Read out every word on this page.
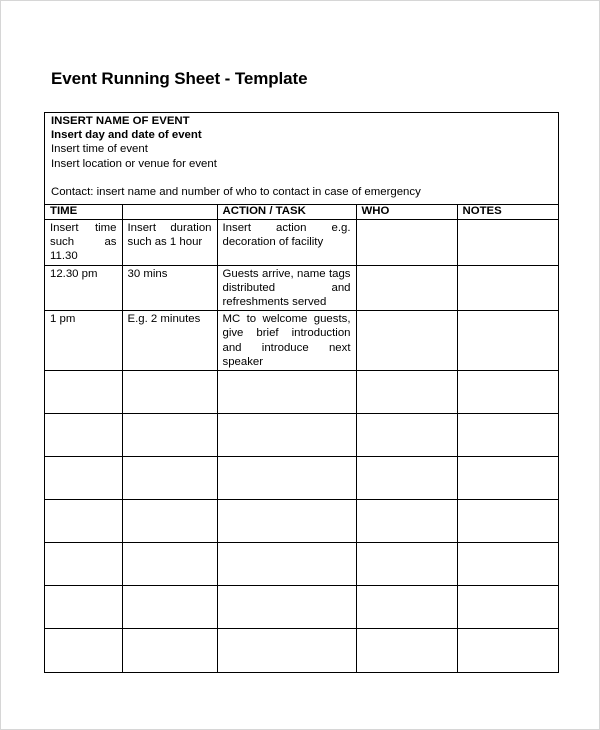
Event Running Sheet - Template
INSERT NAME OF EVENT
Insert day and date of event
Insert time of event
Insert location or venue for event
Contact: insert name and number of who to contact in case of emergency
TIME		ACTION / TASK	WHO	NOTES
Insert time such as 11.30	Insert duration such as 1 hour	Insert action e.g. decoration of facility		
12.30 pm	30 mins	Guests arrive, name tags distributed and refreshments served		
1 pm	E.g. 2 minutes	MC to welcome guests, give brief introduction and introduce next speaker		
